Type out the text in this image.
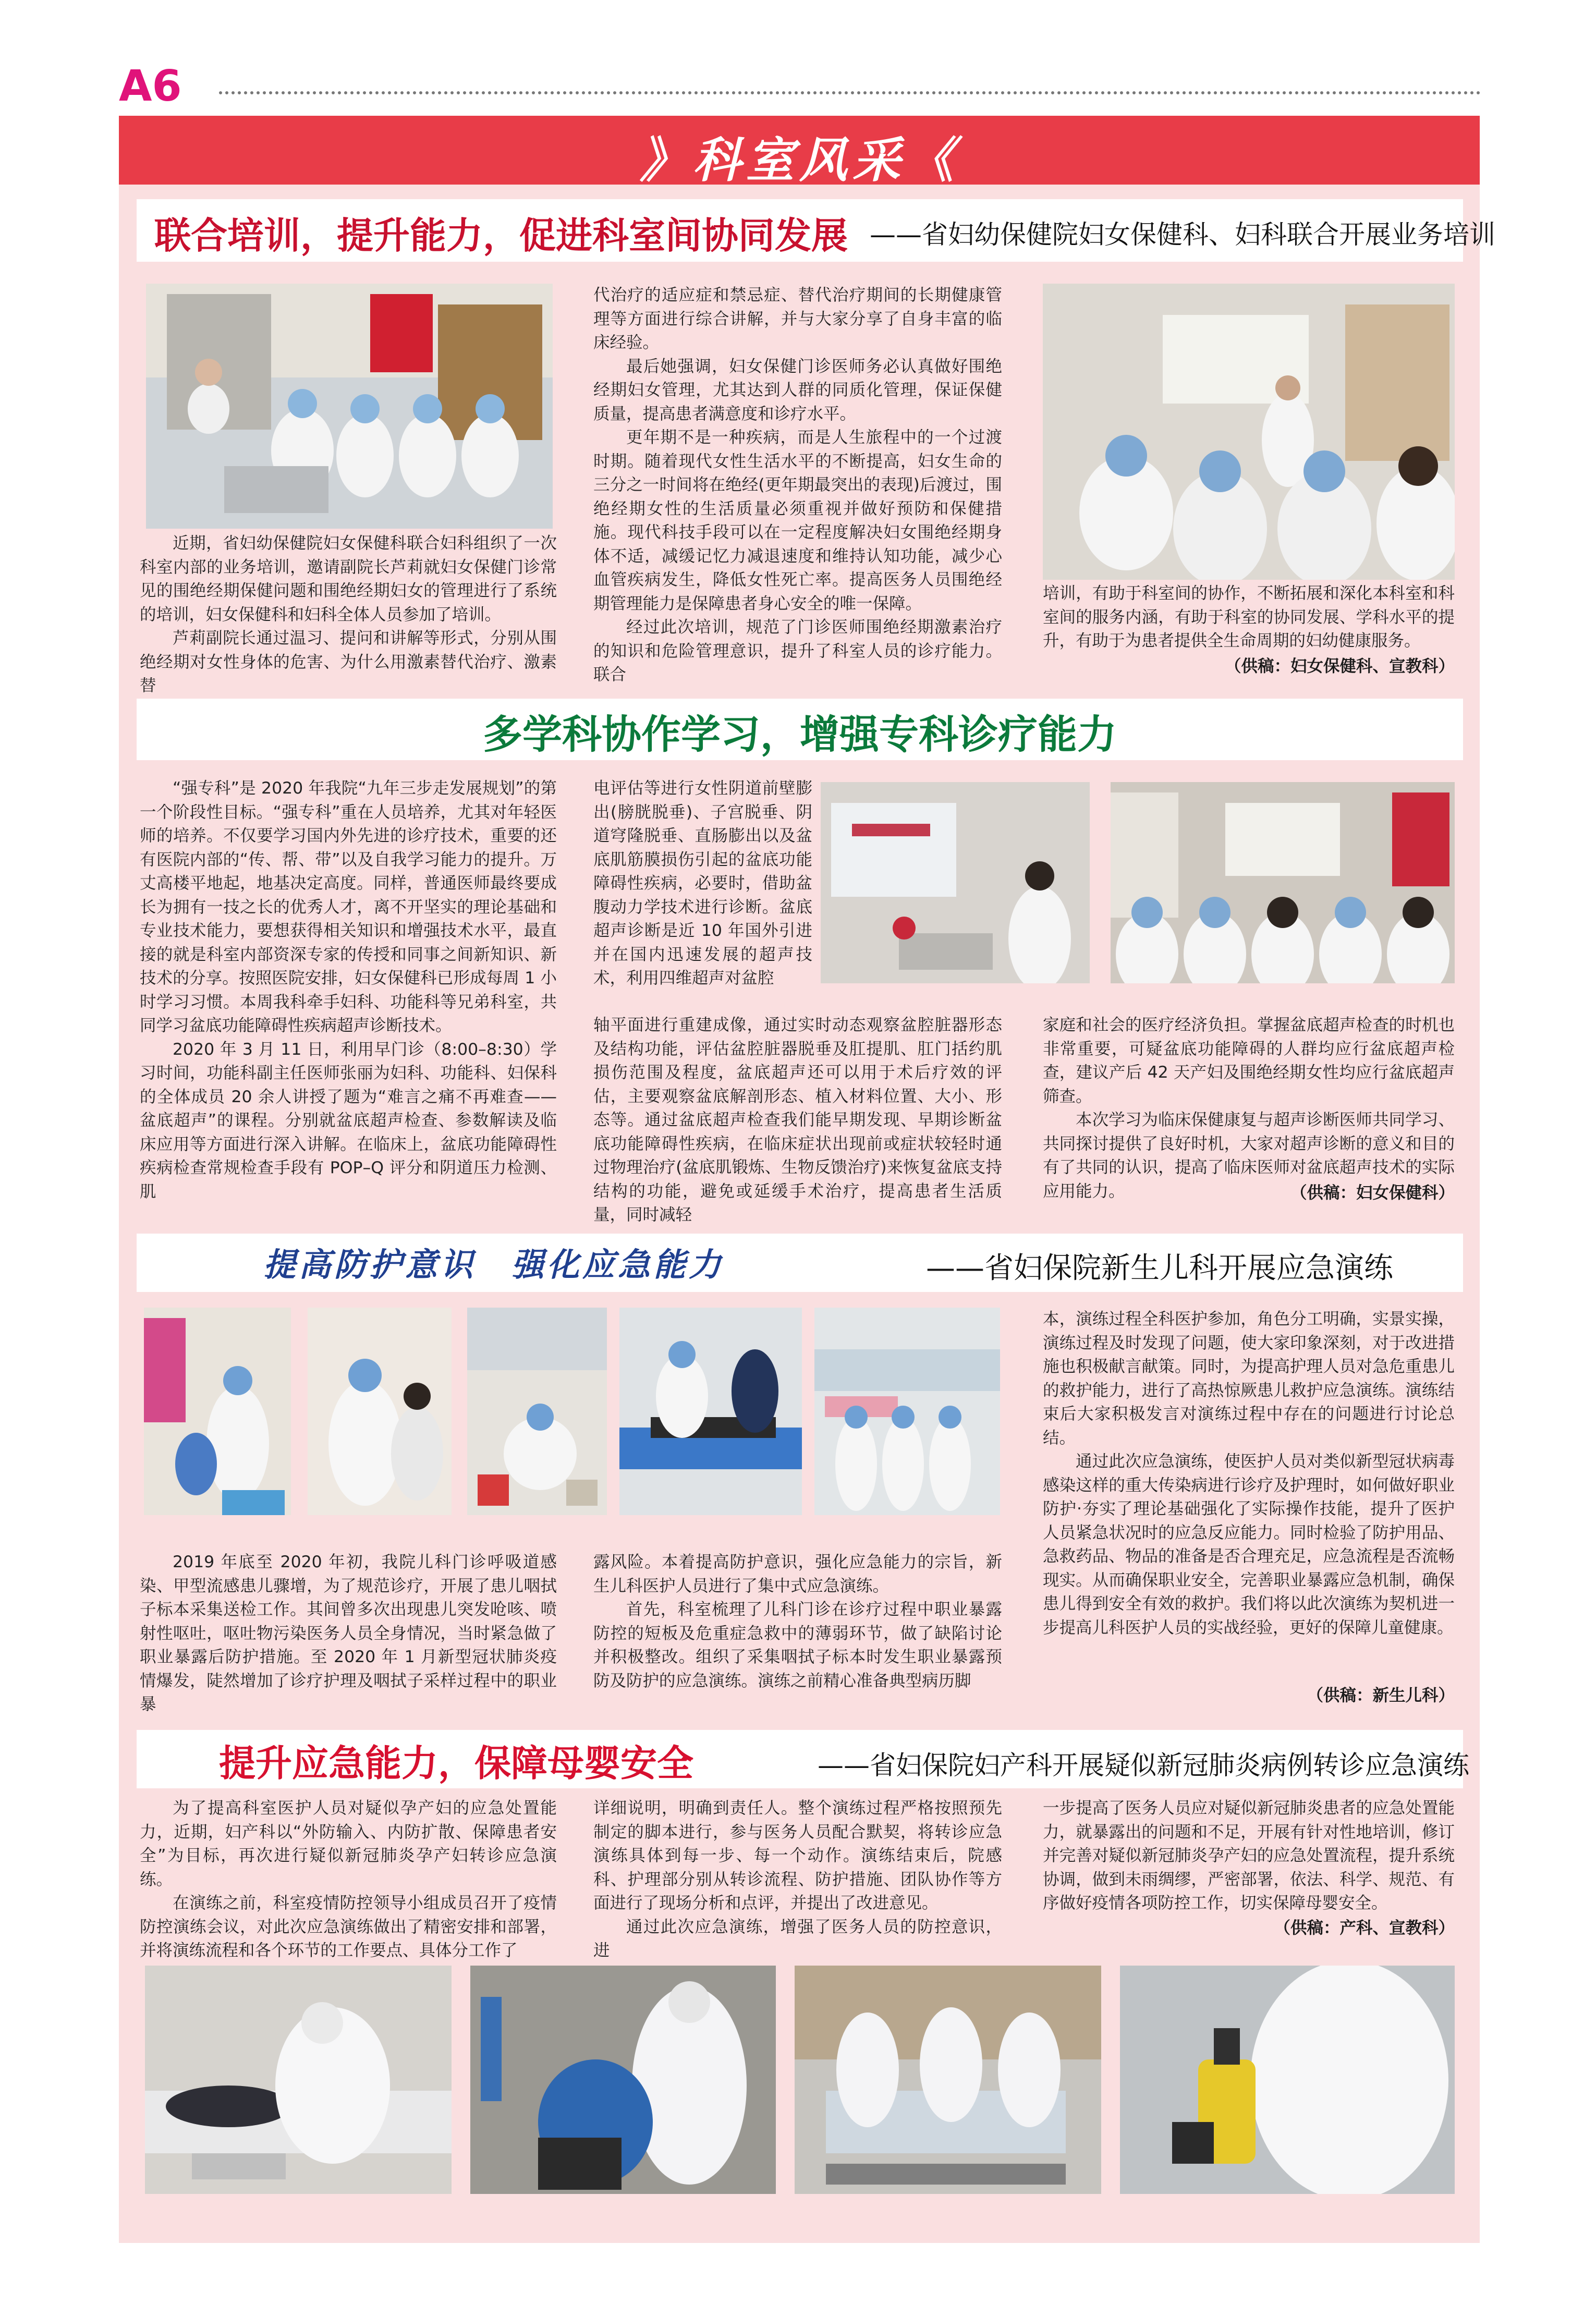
A6
》科室风采《
联合培训，提升能力，促进科室间协同发展 ——省妇幼保健院妇女保健科、妇科联合开展业务培训

近期，省妇幼保健院妇女保健科联合妇科组织了一次科室内部的业务培训，邀请副院长芦莉就妇女保健门诊常见的围绝经期保健问题和围绝经期妇女的管理进行了系统的培训，妇女保健科和妇科全体人员参加了培训。

芦莉副院长通过温习、提问和讲解等形式，分别从围绝经期对女性身体的危害、为什么用激素替代治疗、激素替

代治疗的适应症和禁忌症、替代治疗期间的长期健康管理等方面进行综合讲解，并与大家分享了自身丰富的临床经验。

最后她强调，妇女保健门诊医师务必认真做好围绝经期妇女管理，尤其达到人群的同质化管理，保证保健质量，提高患者满意度和诊疗水平。

更年期不是一种疾病，而是人生旅程中的一个过渡时期。随着现代女性生活水平的不断提高，妇女生命的三分之一时间将在绝经(更年期最突出的表现)后渡过，围绝经期女性的生活质量必须重视并做好预防和保健措施。现代科技手段可以在一定程度解决妇女围绝经期身体不适，减缓记忆力减退速度和维持认知功能，减少心血管疾病发生，降低女性死亡率。提高医务人员围绝经期管理能力是保障患者身心安全的唯一保障。

经过此次培训，规范了门诊医师围绝经期激素治疗的知识和危险管理意识，提升了科室人员的诊疗能力。联合

培训，有助于科室间的协作，不断拓展和深化本科室和科室间的服务内涵，有助于科室的协同发展、学科水平的提升，有助于为患者提供全生命周期的妇幼健康服务。

（供稿：妇女保健科、宣教科）
多学科协作学习，增强专科诊疗能力

“强专科”是 2020 年我院“九年三步走发展规划”的第一个阶段性目标。“强专科”重在人员培养，尤其对年轻医师的培养。不仅要学习国内外先进的诊疗技术，重要的还有医院内部的“传、帮、带”以及自我学习能力的提升。万丈高楼平地起，地基决定高度。同样，普通医师最终要成长为拥有一技之长的优秀人才，离不开坚实的理论基础和专业技术能力，要想获得相关知识和增强技术水平，最直接的就是科室内部资深专家的传授和同事之间新知识、新技术的分享。按照医院安排，妇女保健科已形成每周 1 小时学习习惯。本周我科牵手妇科、功能科等兄弟科室，共同学习盆底功能障碍性疾病超声诊断技术。

2020 年 3 月 11 日，利用早门诊（8:00–8:30）学习时间，功能科副主任医师张丽为妇科、功能科、妇保科的全体成员 20 余人讲授了题为“难言之痛不再难查——盆底超声”的课程。分别就盆底超声检查、参数解读及临床应用等方面进行深入讲解。在临床上，盆底功能障碍性疾病检查常规检查手段有 POP–Q 评分和阴道压力检测、肌

电评估等进行女性阴道前壁膨出(膀胱脱垂)、子宫脱垂、阴道穹隆脱垂、直肠膨出以及盆底肌筋膜损伤引起的盆底功能障碍性疾病，必要时，借助盆腹动力学技术进行诊断。盆底超声诊断是近 10 年国外引进并在国内迅速发展的超声技术，利用四维超声对盆腔

轴平面进行重建成像，通过实时动态观察盆腔脏器形态及结构功能，评估盆腔脏器脱垂及肛提肌、肛门括约肌损伤范围及程度，盆底超声还可以用于术后疗效的评估，主要观察盆底解剖形态、植入材料位置、大小、形态等。通过盆底超声检查我们能早期发现、早期诊断盆底功能障碍性疾病，在临床症状出现前或症状较轻时通过物理治疗(盆底肌锻炼、生物反馈治疗)来恢复盆底支持结构的功能，避免或延缓手术治疗，提高患者生活质量，同时减轻

家庭和社会的医疗经济负担。掌握盆底超声检查的时机也非常重要，可疑盆底功能障碍的人群均应行盆底超声检查，建议产后 42 天产妇及围绝经期女性均应行盆底超声筛查。

本次学习为临床保健康复与超声诊断医师共同学习、共同探讨提供了良好时机，大家对超声诊断的意义和目的有了共同的认识，提高了临床医师对盆底超声技术的实际应用能力。	（供稿：妇女保健科）
提高防护意识　强化应急能力	——省妇保院新生儿科开展应急演练

2019 年底至 2020 年初，我院儿科门诊呼吸道感染、甲型流感患儿骤增，为了规范诊疗，开展了患儿咽拭子标本采集送检工作。其间曾多次出现患儿突发呛咳、喷射性呕吐，呕吐物污染医务人员全身情况，当时紧急做了职业暴露后防护措施。至 2020 年 1 月新型冠状肺炎疫情爆发，陡然增加了诊疗护理及咽拭子采样过程中的职业暴

露风险。本着提高防护意识，强化应急能力的宗旨，新生儿科医护人员进行了集中式应急演练。

首先，科室梳理了儿科门诊在诊疗过程中职业暴露防控的短板及危重症急救中的薄弱环节，做了缺陷讨论并积极整改。组织了采集咽拭子标本时发生职业暴露预防及防护的应急演练。演练之前精心准备典型病历脚

本，演练过程全科医护参加，角色分工明确，实景实操，演练过程及时发现了问题，使大家印象深刻，对于改进措施也积极献言献策。同时，为提高护理人员对急危重患儿的救护能力，进行了高热惊厥患儿救护应急演练。演练结束后大家积极发言对演练过程中存在的问题进行讨论总结。

通过此次应急演练，使医护人员对类似新型冠状病毒感染这样的重大传染病进行诊疗及护理时，如何做好职业防护·夯实了理论基础强化了实际操作技能，提升了医护人员紧急状况时的应急反应能力。同时检验了防护用品、急救药品、物品的准备是否合理充足，应急流程是否流畅现实。从而确保职业安全，完善职业暴露应急机制，确保患儿得到安全有效的救护。我们将以此次演练为契机进一步提高儿科医护人员的实战经验，更好的保障儿童健康。

（供稿：新生儿科）
提升应急能力，保障母婴安全	——省妇保院妇产科开展疑似新冠肺炎病例转诊应急演练

为了提高科室医护人员对疑似孕产妇的应急处置能力，近期，妇产科以“外防输入、内防扩散、保障患者安全”为目标，再次进行疑似新冠肺炎孕产妇转诊应急演练。

在演练之前，科室疫情防控领导小组成员召开了疫情防控演练会议，对此次应急演练做出了精密安排和部署，并将演练流程和各个环节的工作要点、具体分工作了

详细说明，明确到责任人。整个演练过程严格按照预先制定的脚本进行，参与医务人员配合默契，将转诊应急演练具体到每一步、每一个动作。演练结束后，院感科、护理部分别从转诊流程、防护措施、团队协作等方面进行了现场分析和点评，并提出了改进意见。

通过此次应急演练，增强了医务人员的防控意识，进

一步提高了医务人员应对疑似新冠肺炎患者的应急处置能力，就暴露出的问题和不足，开展有针对性地培训，修订并完善对疑似新冠肺炎孕产妇的应急处置流程，提升系统协调，做到未雨绸缪，严密部署，依法、科学、规范、有序做好疫情各项防控工作，切实保障母婴安全。

（供稿：产科、宣教科）
